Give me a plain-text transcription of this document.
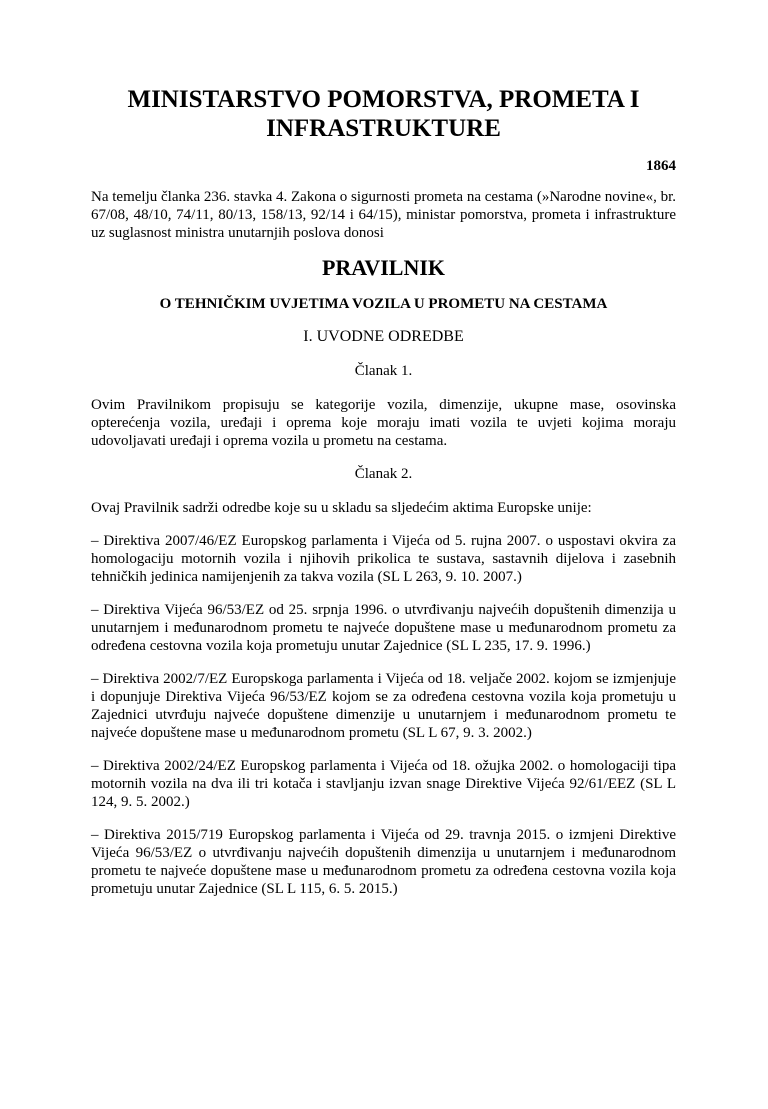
MINISTARSTVO POMORSTVA, PROMETA I INFRASTRUKTURE
1864

Na temelju članka 236. stavka 4. Zakona o sigurnosti prometa na cestama (»Narodne novine«, br. 67/08, 48/10, 74/11, 80/13, 158/13, 92/14 i 64/15), ministar pomorstva, prometa i infrastrukture uz suglasnost ministra unutarnjih poslova donosi

PRAVILNIK
O TEHNIČKIM UVJETIMA VOZILA U PROMETU NA CESTAMA
I. UVODNE ODREDBE
Članak 1.

Ovim Pravilnikom propisuju se kategorije vozila, dimenzije, ukupne mase, osovinska opterećenja vozila, uređaji i oprema koje moraju imati vozila te uvjeti kojima moraju udovoljavati uređaji i oprema vozila u prometu na cestama.

Članak 2.

Ovaj Pravilnik sadrži odredbe koje su u skladu sa sljedećim aktima Europske unije:

– Direktiva 2007/46/EZ Europskog parlamenta i Vijeća od 5. rujna 2007. o uspostavi okvira za homologaciju motornih vozila i njihovih prikolica te sustava, sastavnih dijelova i zasebnih tehničkih jedinica namijenjenih za takva vozila (SL L 263, 9. 10. 2007.)

– Direktiva Vijeća 96/53/EZ od 25. srpnja 1996. o utvrđivanju najvećih dopuštenih dimenzija u unutarnjem i međunarodnom prometu te najveće dopuštene mase u međunarodnom prometu za određena cestovna vozila koja prometuju unutar Zajednice (SL L 235, 17. 9. 1996.)

– Direktiva 2002/7/EZ Europskoga parlamenta i Vijeća od 18. veljače 2002. kojom se izmjenjuje i dopunjuje Direktiva Vijeća 96/53/EZ kojom se za određena cestovna vozila koja prometuju u Zajednici utvrđuju najveće dopuštene dimenzije u unutarnjem i međunarodnom prometu te najveće dopuštene mase u međunarodnom prometu (SL L 67, 9. 3. 2002.)

– Direktiva 2002/24/EZ Europskog parlamenta i Vijeća od 18. ožujka 2002. o homologaciji tipa motornih vozila na dva ili tri kotača i stavljanju izvan snage Direktive Vijeća 92/61/EEZ (SL L 124, 9. 5. 2002.)

– Direktiva 2015/719 Europskog parlamenta i Vijeća od 29. travnja 2015. o izmjeni Direktive Vijeća 96/53/EZ o utvrđivanju najvećih dopuštenih dimenzija u unutarnjem i međunarodnom prometu te najveće dopuštene mase u međunarodnom prometu za određena cestovna vozila koja prometuju unutar Zajednice (SL L 115, 6. 5. 2015.)
